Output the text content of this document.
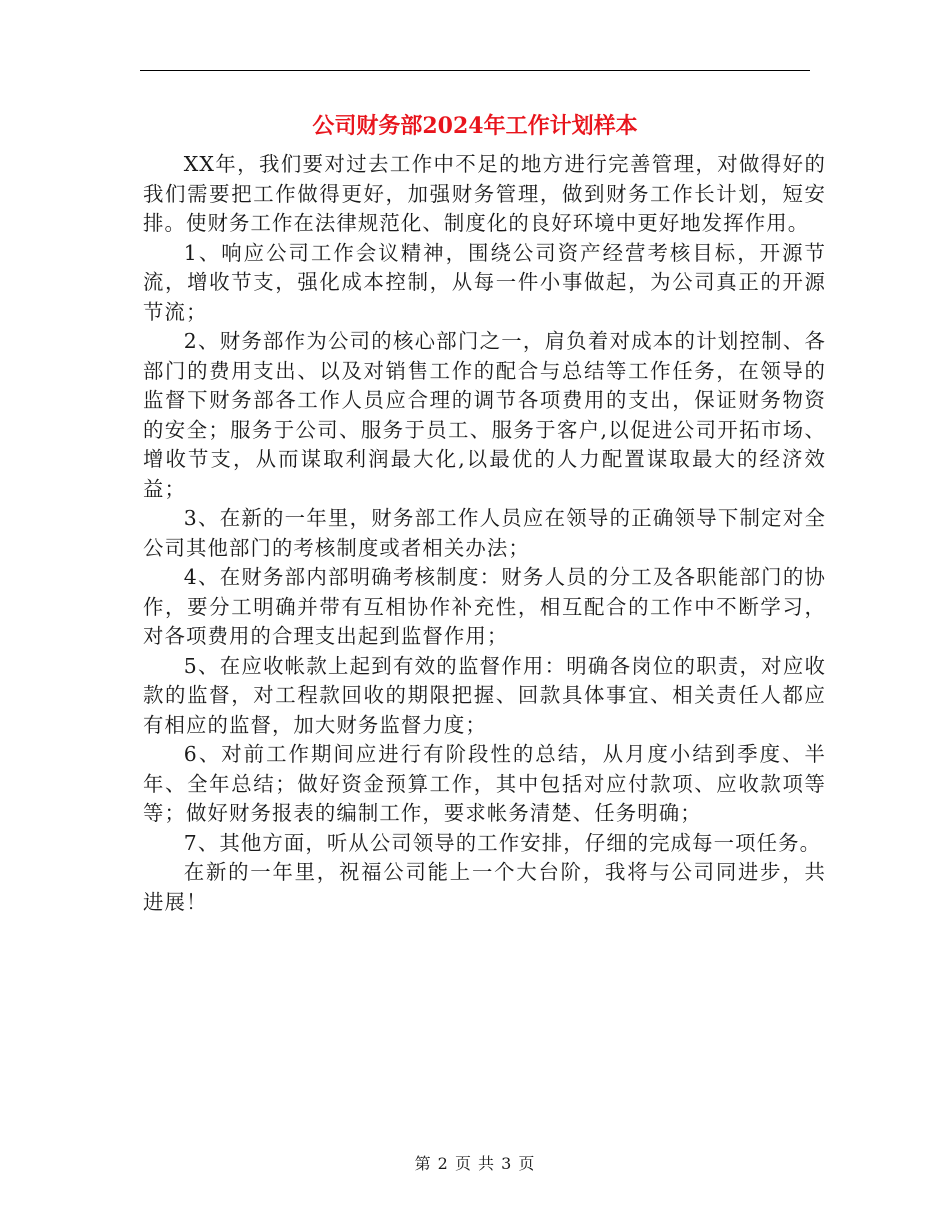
公司财务部2024年工作计划样本

XX年，我们要对过去工作中不足的地方进行完善管理，对做得好的我们需要把工作做得更好，加强财务管理，做到财务工作长计划，短安排。使财务工作在法律规范化、制度化的良好环境中更好地发挥作用。

1、响应公司工作会议精神，围绕公司资产经营考核目标，开源节流，增收节支，强化成本控制，从每一件小事做起，为公司真正的开源节流；

2、财务部作为公司的核心部门之一，肩负着对成本的计划控制、各部门的费用支出、以及对销售工作的配合与总结等工作任务，在领导的监督下财务部各工作人员应合理的调节各项费用的支出，保证财务物资的安全；服务于公司、服务于员工、服务于客户,以促进公司开拓市场、增收节支，从而谋取利润最大化,以最优的人力配置谋取最大的经济效益；

3、在新的一年里，财务部工作人员应在领导的正确领导下制定对全公司其他部门的考核制度或者相关办法；

4、在财务部内部明确考核制度：财务人员的分工及各职能部门的协作，要分工明确并带有互相协作补充性，相互配合的工作中不断学习，对各项费用的合理支出起到监督作用；

5、在应收帐款上起到有效的监督作用：明确各岗位的职责，对应收款的监督，对工程款回收的期限把握、回款具体事宜、相关责任人都应有相应的监督，加大财务监督力度；

6、对前工作期间应进行有阶段性的总结，从月度小结到季度、半年、全年总结；做好资金预算工作，其中包括对应付款项、应收款项等等；做好财务报表的编制工作，要求帐务清楚、任务明确；

7、其他方面，听从公司领导的工作安排，仔细的完成每一项任务。

在新的一年里，祝福公司能上一个大台阶，我将与公司同进步，共进展！

第 2 页 共 3 页
